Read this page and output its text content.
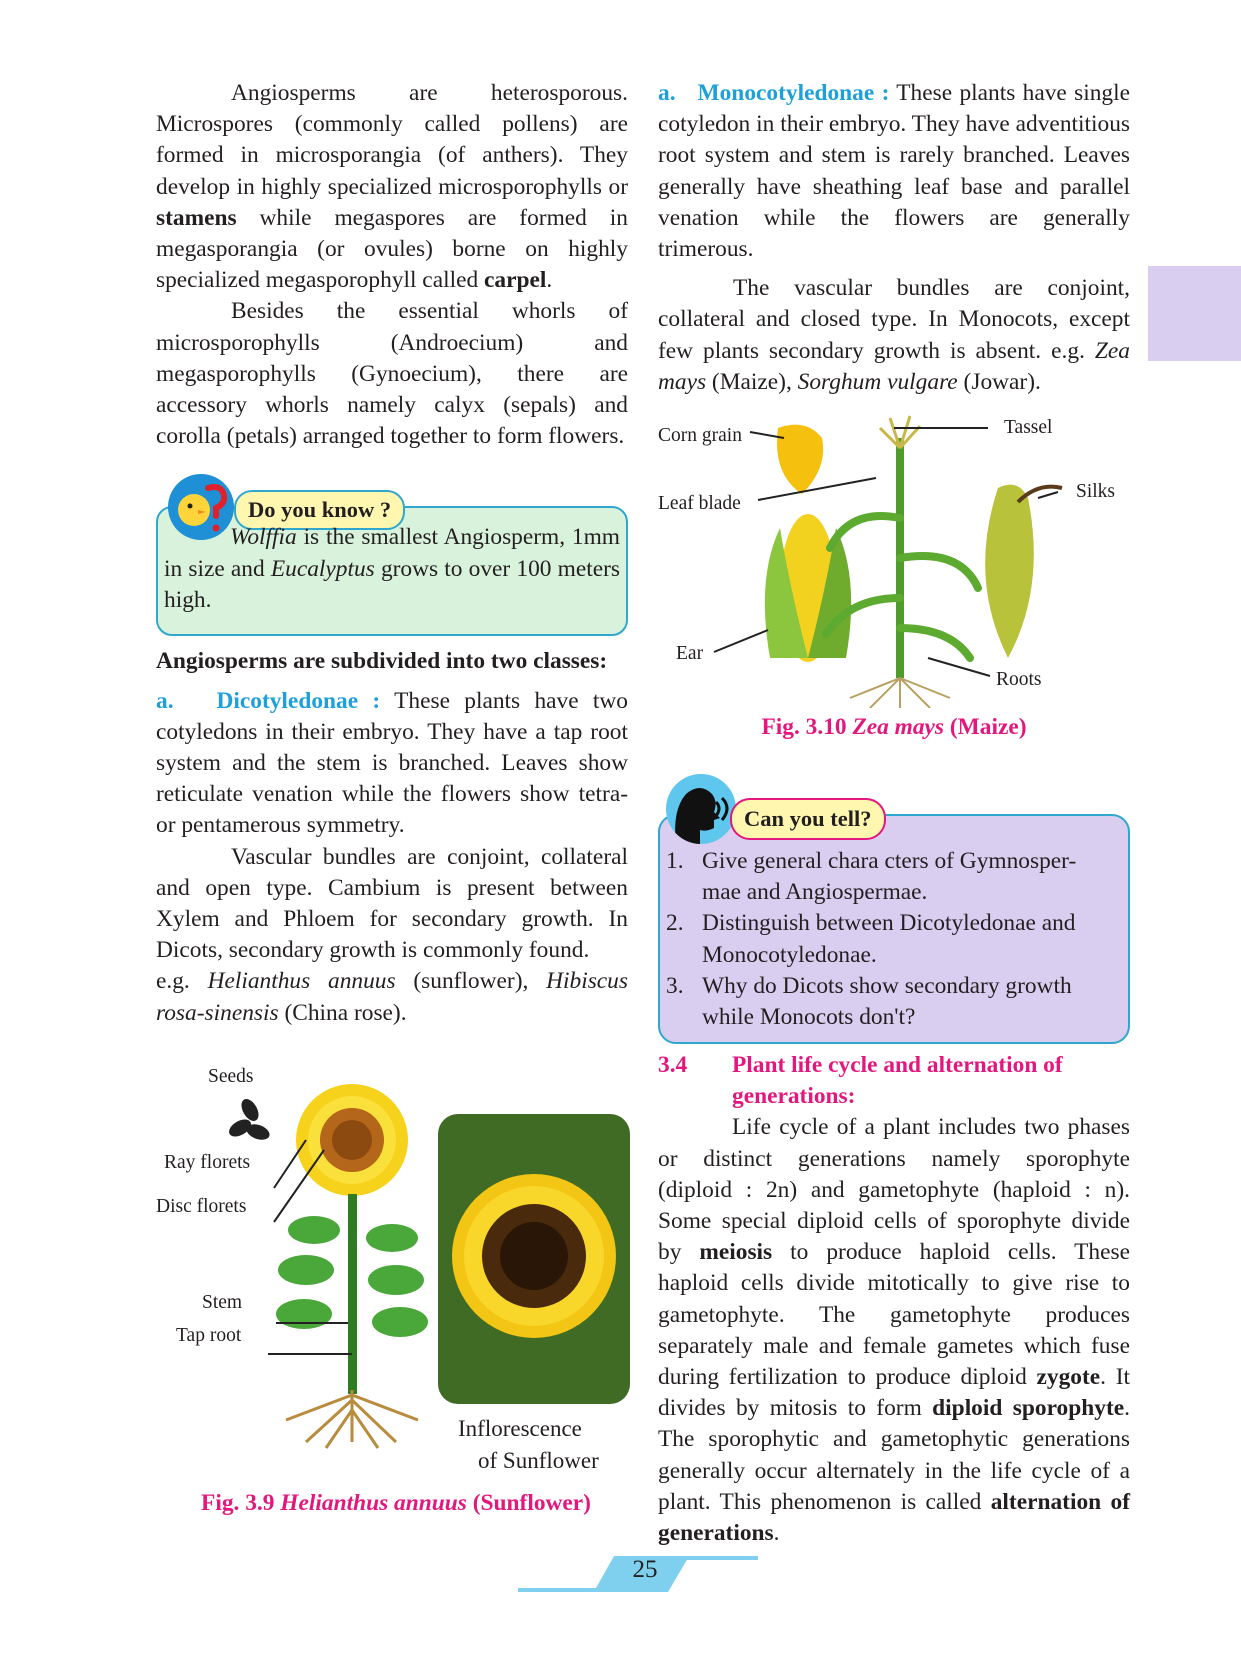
Angiosperms are heterosporous. Microspores (commonly called pollens) are formed in microsporangia (of anthers). They develop in highly specialized microsporophylls or stamens while megaspores are formed in megasporangia (or ovules) borne on highly specialized megasporophyll called carpel.

Besides the essential whorls of microsporophylls (Androecium) and megasporophylls (Gynoecium), there are accessory whorls namely calyx (sepals) and corolla (petals) arranged together to form flowers.

Do you know ?
Wolffia is the smallest Angiosperm, 1mm in size and Eucalyptus grows to over 100 meters high.

Angiosperms are subdivided into two classes:

a. Dicotyledonae : These plants have two cotyledons in their embryo. They have a tap root system and the stem is branched. Leaves show reticulate venation while the flowers show tetra- or pentamerous symmetry.

Vascular bundles are conjoint, collateral and open type. Cambium is present between Xylem and Phloem for secondary growth. In Dicots, secondary growth is commonly found.

e.g. Helianthus annuus (sunflower), Hibiscus rosa-sinensis (China rose).

Seeds
Ray florets
Disc florets
Stem
Tap root
Inflorescence
of Sunflower
Fig. 3.9 Helianthus annuus (Sunflower)

a. Monocotyledonae : These plants have single cotyledon in their embryo. They have adventitious root system and stem is rarely branched. Leaves generally have sheathing leaf base and parallel venation while the flowers are generally trimerous.

The vascular bundles are conjoint, collateral and closed type. In Monocots, except few plants secondary growth is absent. e.g. Zea mays (Maize), Sorghum vulgare (Jowar).

Corn grain	Tassel
Leaf blade
Silks
Ear
Roots
Fig. 3.10 Zea mays (Maize)
Can you tell?
1. Give general chara cters of Gymnosper- mae and Angiospermae.
2. Distinguish between Dicotyledonae and Monocotyledonae.
3. Why do Dicots show secondary growth while Monocots don't?
3.4	Plant life cycle and alternation of generations:

Life cycle of a plant includes two phases or distinct generations namely sporophyte (diploid : 2n) and gametophyte (haploid : n). Some special diploid cells of sporophyte divide by meiosis to produce haploid cells. These haploid cells divide mitotically to give rise to gametophyte. The gametophyte produces separately male and female gametes which fuse during fertilization to produce diploid zygote. It divides by mitosis to form diploid sporophyte. The sporophytic and gametophytic generations generally occur alternately in the life cycle of a plant. This phenomenon is called alternation of generations.

25
